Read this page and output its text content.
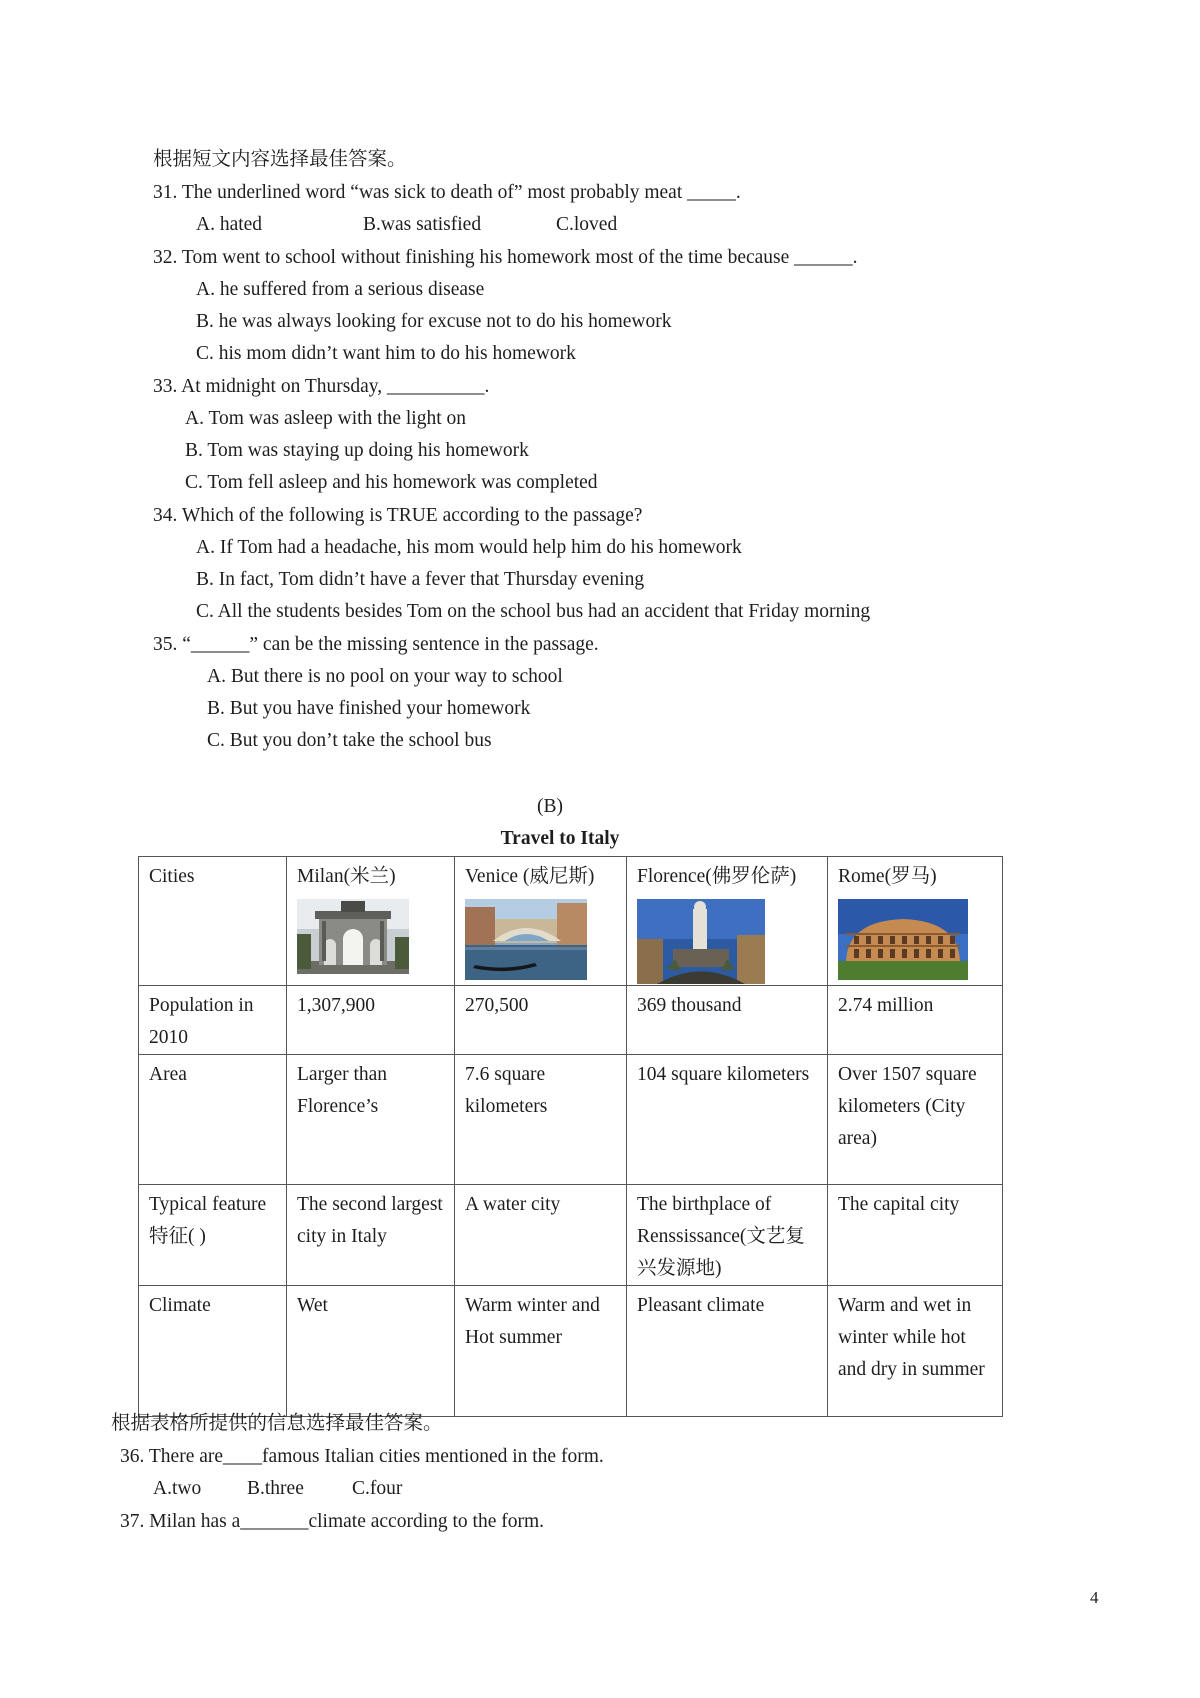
根据短文内容选择最佳答案。
31. The underlined word “was sick to death of” most probably meat _____.
A. hated	B.was satisfied	C.loved
32. Tom went to school without finishing his homework most of the time because ______.
A. he suffered from a serious disease
B. he was always looking for excuse not to do his homework
C. his mom didn’t want him to do his homework
33. At midnight on Thursday, __________.
A. Tom was asleep with the light on
B. Tom was staying up doing his homework
C. Tom fell asleep and his homework was completed
34. Which of the following is TRUE according to the passage?
A. If Tom had a headache, his mom would help him do his homework
B. In fact, Tom didn’t have a fever that Thursday evening
C. All the students besides Tom on the school bus had an accident that Friday morning
35. “______” can be the missing sentence in the passage.
A. But there is no pool on your way to school
B. But you have finished your homework
C. But you don’t take the school bus
(B)
Travel to Italy
Cities	Milan(米兰)	Venice (威尼斯)	Florence(佛罗伦萨)	Rome(罗马)

Population in 2010	1,307,900	270,500	369 thousand	2.74 million
Area	Larger than Florence’s	7.6 square kilometers	104 square kilometers	Over 1507 square kilometers (City area)
Typical feature 特征( )	The second largest city in Italy	A water city	The birthplace of Renssissance(文艺复兴发源地)	The capital city
Climate	Wet	Warm winter and Hot summer	Pleasant climate	Warm and wet in winter while hot and dry in summer
根据表格所提供的信息选择最佳答案。
36. There are____famous Italian cities mentioned in the form.
A.two B.three C.four
37. Milan has a_______climate according to the form.
4
